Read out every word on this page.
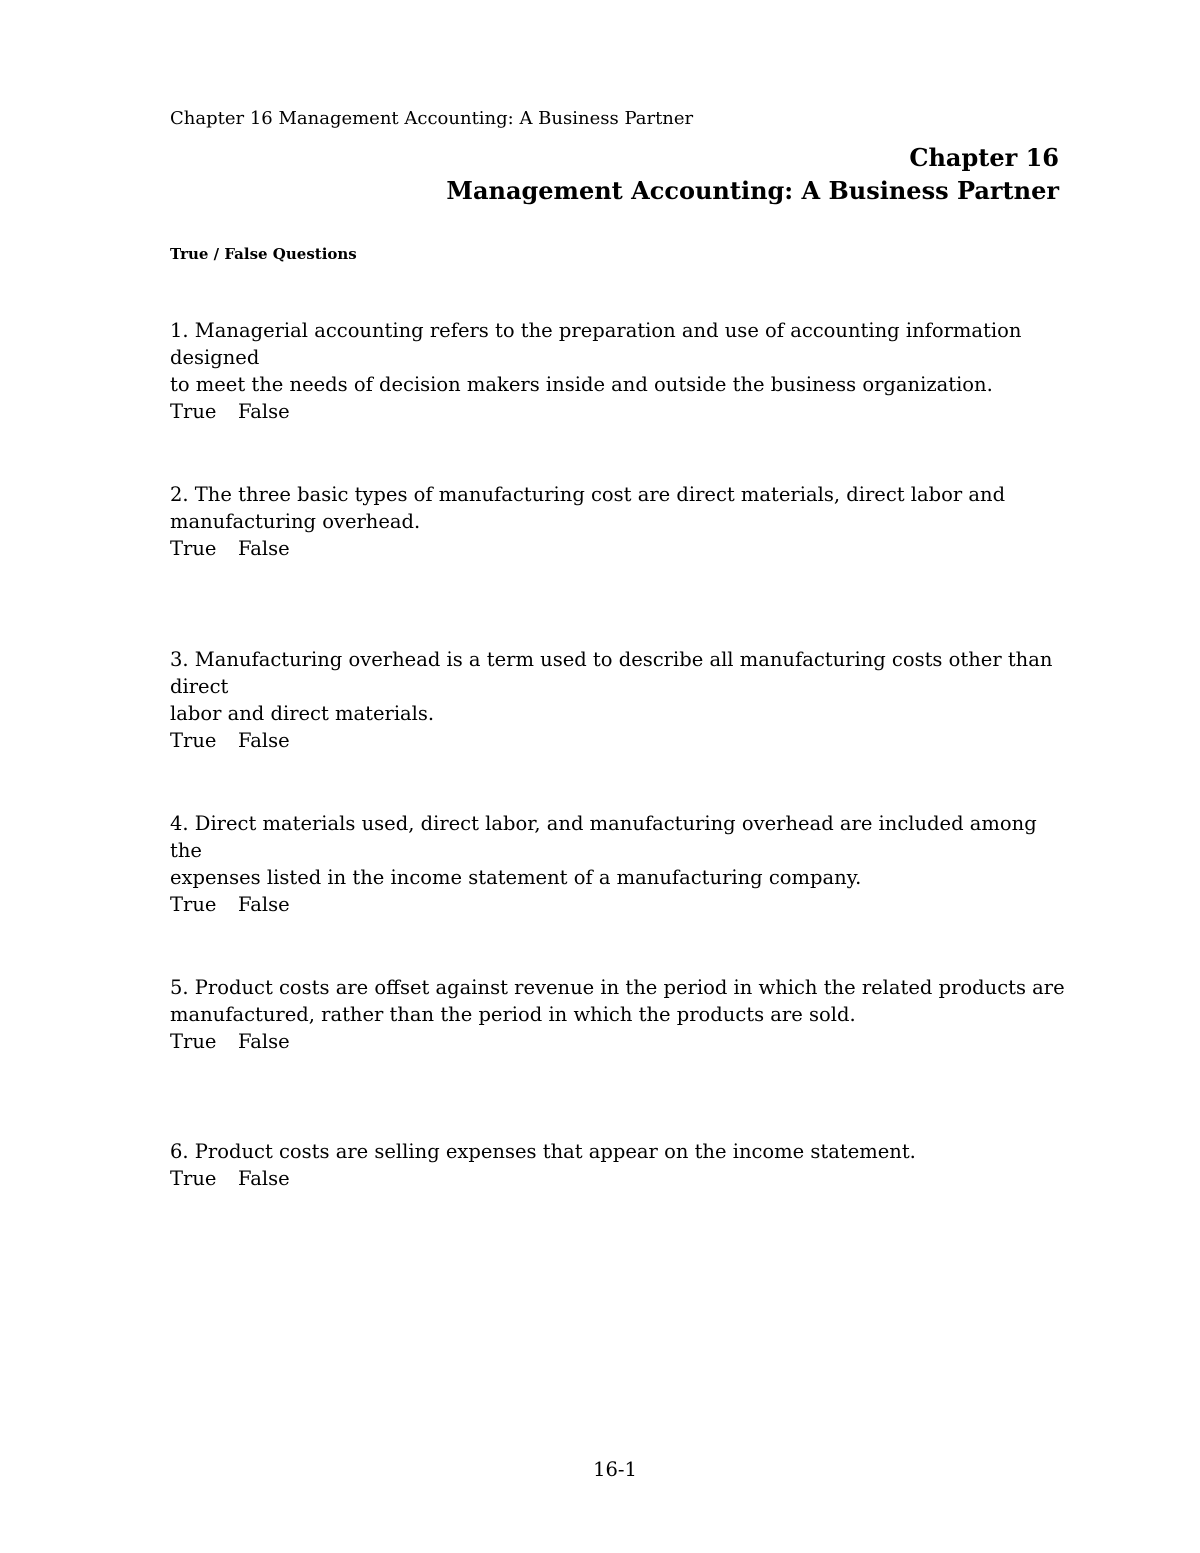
Chapter 16 Management Accounting: A Business Partner
Chapter 16
Management Accounting: A Business Partner
True / False Questions
1. Managerial accounting refers to the preparation and use of accounting information designed
to meet the needs of decision makers inside and outside the business organization.
True False
2. The three basic types of manufacturing cost are direct materials, direct labor and
manufacturing overhead.
True False
3. Manufacturing overhead is a term used to describe all manufacturing costs other than direct
labor and direct materials.
True False
4. Direct materials used, direct labor, and manufacturing overhead are included among the
expenses listed in the income statement of a manufacturing company.
True False
5. Product costs are offset against revenue in the period in which the related products are
manufactured, rather than the period in which the products are sold.
True False
6. Product costs are selling expenses that appear on the income statement.
True False
16-1
